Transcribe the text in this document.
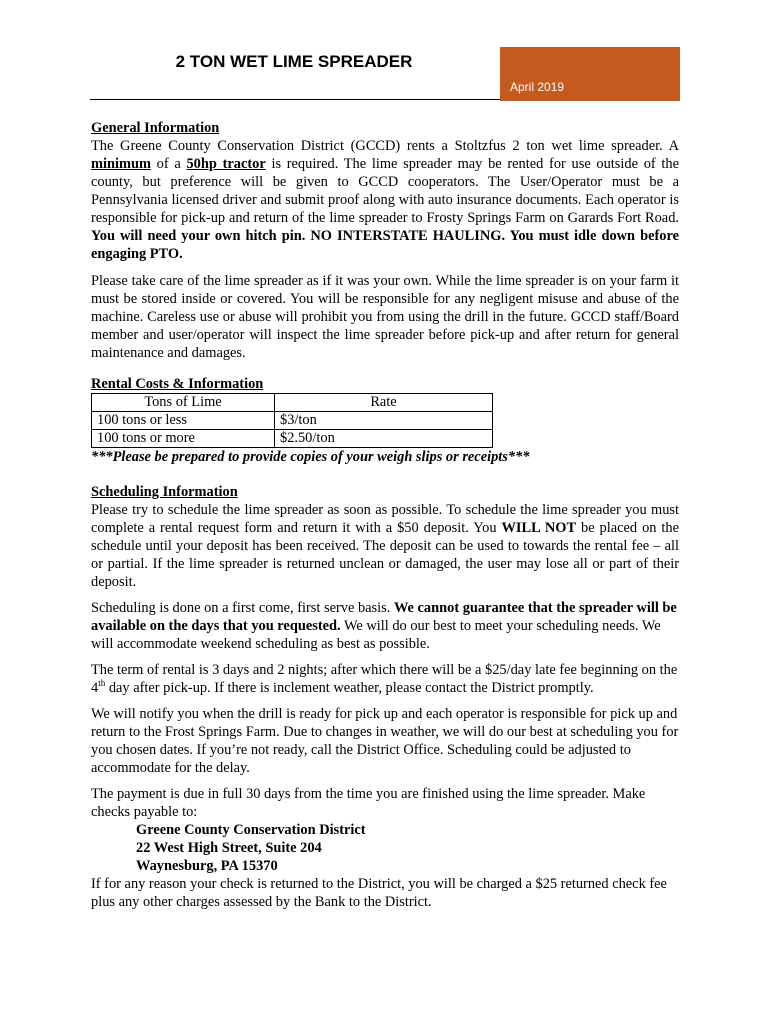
2 TON WET LIME SPREADER
April 2019

General Information

The Greene County Conservation District (GCCD) rents a Stoltzfus 2 ton wet lime spreader. A minimum of a 50hp tractor is required. The lime spreader may be rented for use outside of the county, but preference will be given to GCCD cooperators. The User/Operator must be a Pennsylvania licensed driver and submit proof along with auto insurance documents. Each operator is responsible for pick-up and return of the lime spreader to Frosty Springs Farm on Garards Fort Road. You will need your own hitch pin. NO INTERSTATE HAULING. You must idle down before engaging PTO.

Please take care of the lime spreader as if it was your own. While the lime spreader is on your farm it must be stored inside or covered. You will be responsible for any negligent misuse and abuse of the machine. Careless use or abuse will prohibit you from using the drill in the future. GCCD staff/Board member and user/operator will inspect the lime spreader before pick-up and after return for general maintenance and damages.

Rental Costs & Information

Tons of Lime	Rate
100 tons or less	$3/ton
100 tons or more	$2.50/ton

***Please be prepared to provide copies of your weigh slips or receipts***

Scheduling Information

Please try to schedule the lime spreader as soon as possible. To schedule the lime spreader you must complete a rental request form and return it with a $50 deposit. You WILL NOT be placed on the schedule until your deposit has been received. The deposit can be used to towards the rental fee – all or partial. If the lime spreader is returned unclean or damaged, the user may lose all or part of their deposit.

Scheduling is done on a first come, first serve basis. We cannot guarantee that the spreader will be available on the days that you requested. We will do our best to meet your scheduling needs. We will accommodate weekend scheduling as best as possible.

The term of rental is 3 days and 2 nights; after which there will be a $25/day late fee beginning on the 4th day after pick-up. If there is inclement weather, please contact the District promptly.

We will notify you when the drill is ready for pick up and each operator is responsible for pick up and return to the Frost Springs Farm. Due to changes in weather, we will do our best at scheduling you for you chosen dates. If you’re not ready, call the District Office. Scheduling could be adjusted to accommodate for the delay.

The payment is due in full 30 days from the time you are finished using the lime spreader. Make checks payable to:

Greene County Conservation District
22 West High Street, Suite 204
Waynesburg, PA 15370

If for any reason your check is returned to the District, you will be charged a $25 returned check fee plus any other charges assessed by the Bank to the District.
